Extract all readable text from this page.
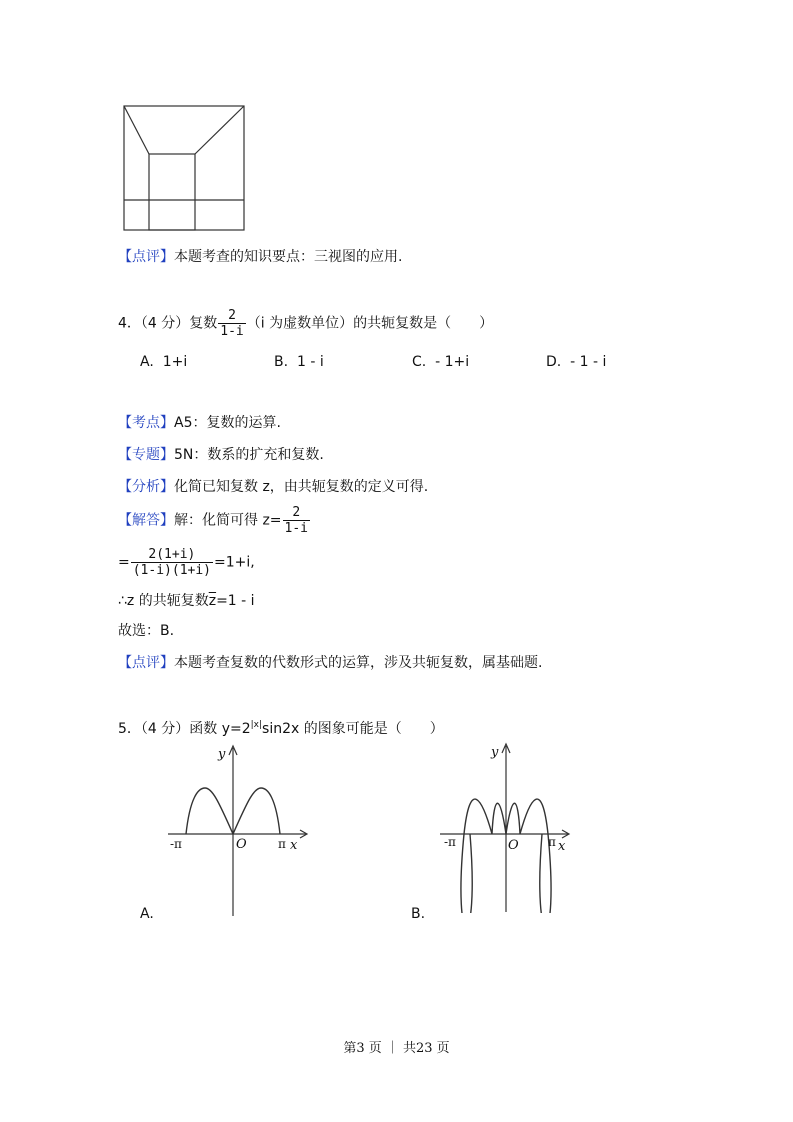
【点评】本题考查的知识要点：三视图的应用.
4．（4 分）复数 $\frac{2}{1-i} (i$ 为虚数单位）的共轭复数是（　　）
A. 1+i	B. 1 - i	C. - 1+i	D. - 1 - i
【考点】A5：复数的运算.
【专题】5N：数系的扩充和复数.
【分析】化简已知复数 z，由共轭复数的定义可得.
【解答】解：化简可得 $z= \frac{2}{1-i}$
= $\frac{2(1+i)}{(1-i)(1+i)} =1+i$,
∴z 的共轭复数$\overline{z}=1 - i$
故选：B.
【点评】本题考查复数的代数形式的运算，涉及共轭复数，属基础题.
5．（4 分）函数 $y=2^{|x|}\sin 2x$ 的图象可能是（　　）
y
x
O
-π	π
A.
y
x
O
-π	π
B.
第3 页 ｜ 共23 页
